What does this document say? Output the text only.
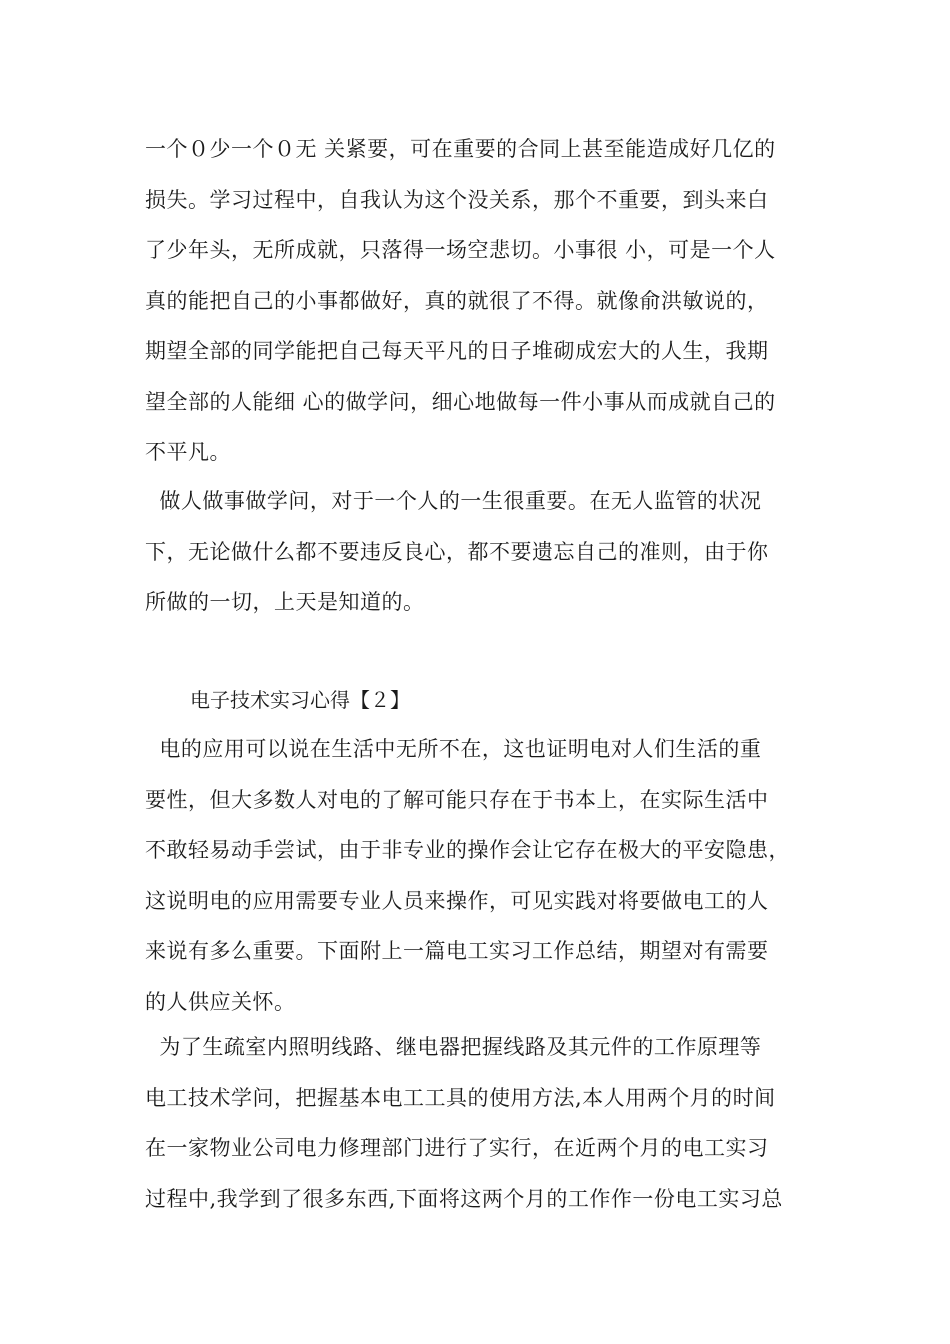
一个０少一个０无 关紧要，可在重要的合同上甚至能造成好几亿的
损失。学习过程中，自我认为这个没关系，那个不重要，到头来白
了少年头，无所成就，只落得一场空悲切。小事很 小，可是一个人
真的能把自己的小事都做好，真的就很了不得。就像俞洪敏说的，
期望全部的同学能把自己每天平凡的日子堆砌成宏大的人生，我期
望全部的人能细 心的做学问，细心地做每一件小事从而成就自己的
不平凡。

做人做事做学问，对于一个人的一生很重要。在无人监管的状况
下，无论做什么都不要违反良心，都不要遗忘自己的准则，由于你
所做的一切，上天是知道的。

电子技术实习心得【２】

电的应用可以说在生活中无所不在，这也证明电对人们生活的重
要性，但大多数人对电的了解可能只存在于书本上，在实际生活中
不敢轻易动手尝试，由于非专业的操作会让它存在极大的平安隐患，
这说明电的应用需要专业人员来操作，可见实践对将要做电工的人
来说有多么重要。下面附上一篇电工实习工作总结，期望对有需要
的人供应关怀。

为了生疏室内照明线路、继电器把握线路及其元件的工作原理等
电工技术学问，把握基本电工工具的使用方法,本人用两个月的时间
在一家物业公司电力修理部门进行了实行，在近两个月的电工实习
过程中,我学到了很多东西,下面将这两个月的工作作一份电工实习总
